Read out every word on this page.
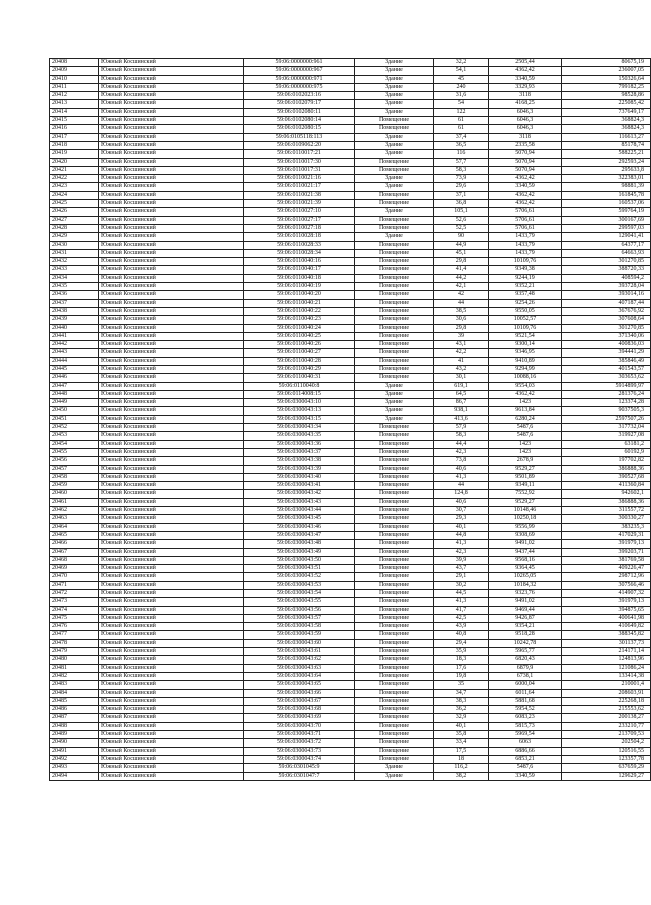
20408	Южный Косшинский	59:06:0000000:961	Здание	32,2	2505,44	80675,19
20409	Южный Косшинский	59:06:0000000:967	Здание	54,1	4362,42	236007,05
20410	Южный Косшинский	59:06:0000000:971	Здание	45	3340,59	150326,64
20411	Южный Косшинский	59:06:0000000:975	Здание	240	3329,93	799182,25
20412	Южный Косшинский	59:06:0102023:16	Здание	31,6	3118	98528,86
20413	Южный Косшинский	59:06:0102079:17	Здание	54	4168,25	225085,42
20414	Южный Косшинский	59:06:0102080:11	Здание	122	6046,3	737649,17
20415	Южный Косшинский	59:06:0102080:14	Помещение	61	6046,3	368824,3
20416	Южный Косшинский	59:06:0102080:15	Помещение	61	6046,3	368824,3
20417	Южный Косшинский	59:06:0105118:113	Здание	37,4	3118	116613,27
20418	Южный Косшинский	59:06:0109062:20	Здание	36,5	2335,58	85178,74
20419	Южный Косшинский	59:06:0110017:21	Здание	116	5070,94	588225,21
20420	Южный Косшинский	59:06:0110017:30	Помещение	57,7	5070,94	292593,24
20421	Южный Косшинский	59:06:0110017:31	Помещение	58,3	5070,94	295633,8
20422	Южный Косшинский	59:06:0110021:16	Здание	73,9	4362,42	322383,01
20423	Южный Косшинский	59:06:0110021:17	Здание	29,6	3340,59	98881,39
20424	Южный Косшинский	59:06:0110021:38	Помещение	37,1	4362,42	161845,78
20425	Южный Косшинский	59:06:0110021:39	Помещение	36,8	4362,42	160537,06
20426	Южный Косшинский	59:06:0110027:10	Здание	105,1	5706,61	599764,19
20427	Южный Косшинский	59:06:0110027:17	Помещение	52,6	5706,61	300167,69
20428	Южный Косшинский	59:06:0110027:18	Помещение	52,5	5706,61	299597,03
20429	Южный Косшинский	59:06:0110028:18	Здание	90	1433,79	129041,41
20430	Южный Косшинский	59:06:0110028:33	Помещение	44,9	1433,79	64377,17
20431	Южный Косшинский	59:06:0110028:34	Помещение	45,1	1433,79	64663,93
20432	Южный Косшинский	59:06:0110040:16	Помещение	29,8	10109,76	301270,85
20433	Южный Косшинский	59:06:0110040:17	Помещение	41,4	9349,38	388720,33
20434	Южный Косшинский	59:06:0110040:18	Помещение	44,2	9244,19	408594,2
20435	Южный Косшинский	59:06:0110040:19	Помещение	42,1	9352,21	393728,04
20436	Южный Косшинский	59:06:0110040:20	Помещение	42	9357,48	393014,16
20437	Южный Косшинский	59:06:0110040:21	Помещение	44	9254,26	407187,44
20438	Южный Косшинский	59:06:0110040:22	Помещение	38,5	9550,05	367676,92
20439	Южный Косшинский	59:06:0110040:23	Помещение	30,6	10052,57	307608,64
20440	Южный Косшинский	59:06:0110040:24	Помещение	29,8	10109,76	301270,85
20441	Южный Косшинский	59:06:0110040:25	Помещение	39	9521,54	371340,06
20442	Южный Косшинский	59:06:0110040:26	Помещение	43,1	9300,14	400836,03
20443	Южный Косшинский	59:06:0110040:27	Помещение	42,2	9346,95	394441,29
20444	Южный Косшинский	59:06:0110040:28	Помещение	41	9410,89	385846,49
20445	Южный Косшинский	59:06:0110040:29	Помещение	43,2	9294,99	401543,57
20446	Южный Косшинский	59:06:0110040:31	Помещение	30,1	10088,16	303653,62
20447	Южный Косшинский	59:06:0110040:8	Здание	619,1	9554,03	5914899,97
20448	Южный Косшинский	59:06:0114008:15	Здание	64,5	4362,42	281376,24
20449	Южный Косшинский	59:06:0300043:10	Здание	86,7	1423	123374,28
20450	Южный Косшинский	59:06:0300043:13	Здание	938,1	9613,84	9037505,3
20451	Южный Косшинский	59:06:0300043:15	Здание	413,6	6280,24	2597507,26
20452	Южный Косшинский	59:06:0300043:34	Помещение	57,9	5487,6	317732,04
20453	Южный Косшинский	59:06:0300043:35	Помещение	58,3	5487,6	319927,08
20454	Южный Косшинский	59:06:0300043:36	Помещение	44,4	1423	63181,2
20455	Южный Косшинский	59:06:0300043:37	Помещение	42,3	1423	60192,9
20456	Южный Косшинский	59:06:0300043:38	Помещение	73,8	2678,9	197702,82
20457	Южный Косшинский	59:06:0300043:39	Помещение	40,6	9529,27	386888,36
20458	Южный Косшинский	59:06:0300043:40	Помещение	41,3	9501,89	390527,68
20459	Южный Косшинский	59:06:0300043:41	Помещение	44	9349,11	411360,84
20460	Южный Косшинский	59:06:0300043:42	Помещение	124,8	7552,92	942602,1
20461	Южный Косшинский	59:06:0300043:43	Помещение	40,6	9529,27	386888,36
20462	Южный Косшинский	59:06:0300043:44	Помещение	30,7	10148,46	311557,72
20463	Южный Косшинский	59:06:0300043:45	Помещение	29,3	10250,18	300330,27
20464	Южный Косшинский	59:06:0300043:46	Помещение	40,1	9556,99	383235,3
20465	Южный Косшинский	59:06:0300043:47	Помещение	44,8	9308,69	417029,31
20466	Южный Косшинский	59:06:0300043:48	Помещение	41,3	9491,02	391979,13
20467	Южный Косшинский	59:06:0300043:49	Помещение	42,3	9437,44	399203,71
20468	Южный Косшинский	59:06:0300043:50	Помещение	39,9	9568,16	381769,58
20469	Южный Косшинский	59:06:0300043:51	Помещение	43,7	9364,45	409226,47
20470	Южный Косшинский	59:06:0300043:52	Помещение	29,1	10265,05	298712,96
20471	Южный Косшинский	59:06:0300043:53	Помещение	30,2	10184,32	307566,46
20472	Южный Косшинский	59:06:0300043:54	Помещение	44,5	9323,76	414907,32
20473	Южный Косшинский	59:06:0300043:55	Помещение	41,3	9491,02	391979,13
20474	Южный Косшинский	59:06:0300043:56	Помещение	41,7	9469,44	394875,65
20475	Южный Косшинский	59:06:0300043:57	Помещение	42,5	9426,87	400641,98
20476	Южный Косшинский	59:06:0300043:58	Помещение	43,9	9354,21	410649,82
20477	Южный Косшинский	59:06:0300043:59	Помещение	40,8	9518,28	388345,82
20478	Южный Косшинский	59:06:0300043:60	Помещение	29,4	10242,78	301137,73
20479	Южный Косшинский	59:06:0300043:61	Помещение	35,9	5965,77	214171,14
20480	Южный Косшинский	59:06:0300043:62	Помещение	18,3	6820,43	124813,96
20481	Южный Косшинский	59:06:0300043:63	Помещение	17,6	6879,9	121086,24
20482	Южный Косшинский	59:06:0300043:64	Помещение	19,8	6738,1	133414,38
20483	Южный Косшинский	59:06:0300043:65	Помещение	35	6000,04	210001,4
20484	Южный Косшинский	59:06:0300043:66	Помещение	34,7	6011,64	208603,91
20485	Южный Косшинский	59:06:0300043:67	Помещение	38,3	5881,68	225268,18
20486	Южный Косшинский	59:06:0300043:68	Помещение	36,2	5954,52	215553,62
20487	Южный Косшинский	59:06:0300043:69	Помещение	32,9	6083,23	200138,27
20488	Южный Косшинский	59:06:0300043:70	Помещение	40,1	5815,73	233210,77
20489	Южный Косшинский	59:06:0300043:71	Помещение	35,8	5969,54	213709,53
20490	Южный Косшинский	59:06:0300043:72	Помещение	33,4	6063	202504,2
20491	Южный Косшинский	59:06:0300043:73	Помещение	17,5	6886,66	120516,55
20492	Южный Косшинский	59:06:0300043:74	Помещение	18	6853,21	123357,78
20493	Южный Косшинский	59:06:0301045:9	Здание	116,2	5487,6	637659,29
20494	Южный Косшинский	59:06:0301047:7	Здание	38,2	3340,59	129629,27
